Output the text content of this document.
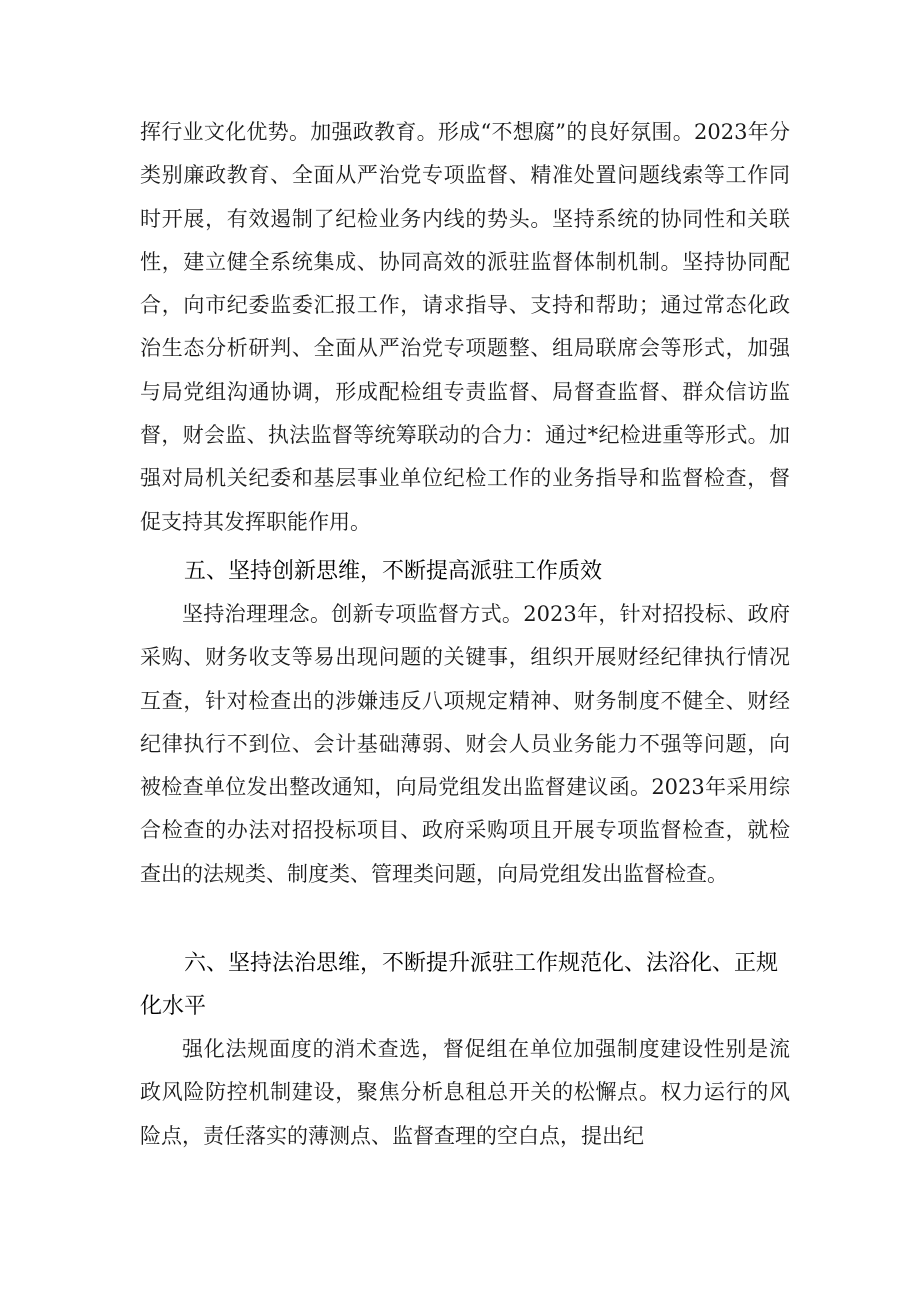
挥行业文化优势。加强政教育。形成“不想腐”的良好氛围。2023年分类别廉政教育、全面从严治党专项监督、精准处置问题线索等工作同时开展，有效遏制了纪检业务内线的势头。坚持系统的协同性和关联性，建立健全系统集成、协同高效的派驻监督体制机制。坚持协同配合，向市纪委监委汇报工作，请求指导、支持和帮助；通过常态化政治生态分析研判、全面从严治党专项题整、组局联席会等形式，加强与局党组沟通协调，形成配检组专责监督、局督查监督、群众信访监督，财会监、执法监督等统筹联动的合力：通过*纪检进重等形式。加强对局机关纪委和基层事业单位纪检工作的业务指导和监督检查，督促支持其发挥职能作用。

五、坚持创新思维，不断提高派驻工作质效

坚持治理理念。创新专项监督方式。2023年，针对招投标、政府采购、财务收支等易出现问题的关键事，组织开展财经纪律执行情况互查，针对检查出的涉嫌违反八项规定精神、财务制度不健全、财经纪律执行不到位、会计基础薄弱、财会人员业务能力不强等问题，向被检查单位发出整改通知，向局党组发出监督建议函。2023年采用综合检查的办法对招投标项目、政府采购项且开展专项监督检查，就检查出的法规类、制度类、管理类问题，向局党组发出监督检查。

六、坚持法治思维，不断提升派驻工作规范化、法浴化、正规化水平

强化法规面度的消术查选，督促组在单位加强制度建设性别是流政风险防控机制建设，聚焦分析息租总开关的松懈点。权力运行的风险点，责任落实的薄测点、监督查理的空白点，提出纪
